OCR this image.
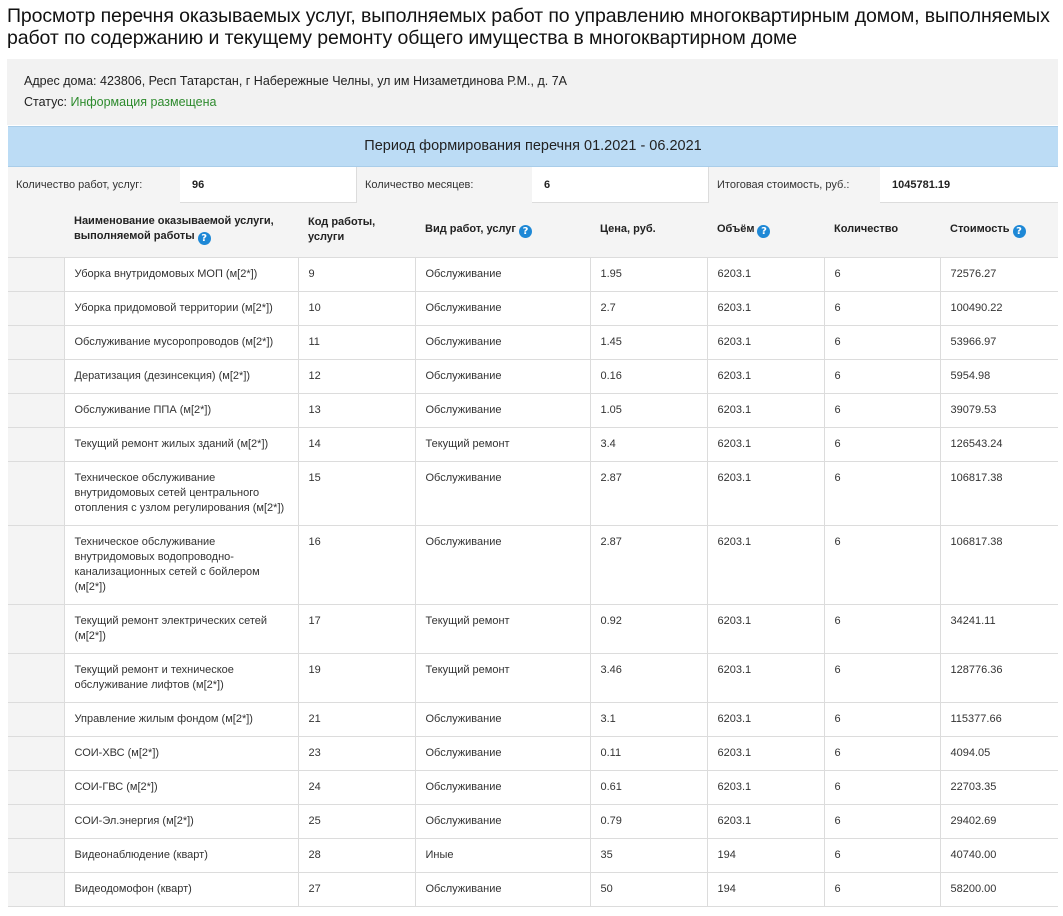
Просмотр перечня оказываемых услуг, выполняемых работ по управлению многоквартирным домом, выполняемых работ по содержанию и текущему ремонту общего имущества в многоквартирном доме
Адрес дома: 423806, Респ Татарстан, г Набережные Челны, ул им Низаметдинова Р.М., д. 7А
Статус: Информация размещена
Период формирования перечня 01.2021 - 06.2021
Количество работ, услуг:	96	Количество месяцев:	6	Итоговая стоимость, руб.:	1045781.19
	Наименование оказываемой услуги, выполняемой работы ?	Код работы, услуги	Вид работ, услуг ?	Цена, руб.	Объём ?	Количество	Стоимость ?
	Уборка внутридомовых МОП (м[2*])	9	Обслуживание	1.95	6203.1	6	72576.27
	Уборка придомовой территории (м[2*])	10	Обслуживание	2.7	6203.1	6	100490.22
	Обслуживание мусоропроводов (м[2*])	11	Обслуживание	1.45	6203.1	6	53966.97
	Дератизация (дезинсекция) (м[2*])	12	Обслуживание	0.16	6203.1	6	5954.98
	Обслуживание ППА (м[2*])	13	Обслуживание	1.05	6203.1	6	39079.53
	Текущий ремонт жилых зданий (м[2*])	14	Текущий ремонт	3.4	6203.1	6	126543.24
	Техническое обслуживание внутридомовых сетей центрального отопления с узлом регулирования (м[2*])	15	Обслуживание	2.87	6203.1	6	106817.38
	Техническое обслуживание внутридомовых водопроводно-канализационных сетей с бойлером (м[2*])	16	Обслуживание	2.87	6203.1	6	106817.38
	Текущий ремонт электрических сетей (м[2*])	17	Текущий ремонт	0.92	6203.1	6	34241.11
	Текущий ремонт и техническое обслуживание лифтов (м[2*])	19	Текущий ремонт	3.46	6203.1	6	128776.36
	Управление жилым фондом (м[2*])	21	Обслуживание	3.1	6203.1	6	115377.66
	СОИ-ХВС (м[2*])	23	Обслуживание	0.11	6203.1	6	4094.05
	СОИ-ГВС (м[2*])	24	Обслуживание	0.61	6203.1	6	22703.35
	СОИ-Эл.энергия (м[2*])	25	Обслуживание	0.79	6203.1	6	29402.69
	Видеонаблюдение (кварт)	28	Иные	35	194	6	40740.00
	Видеодомофон (кварт)	27	Обслуживание	50	194	6	58200.00
